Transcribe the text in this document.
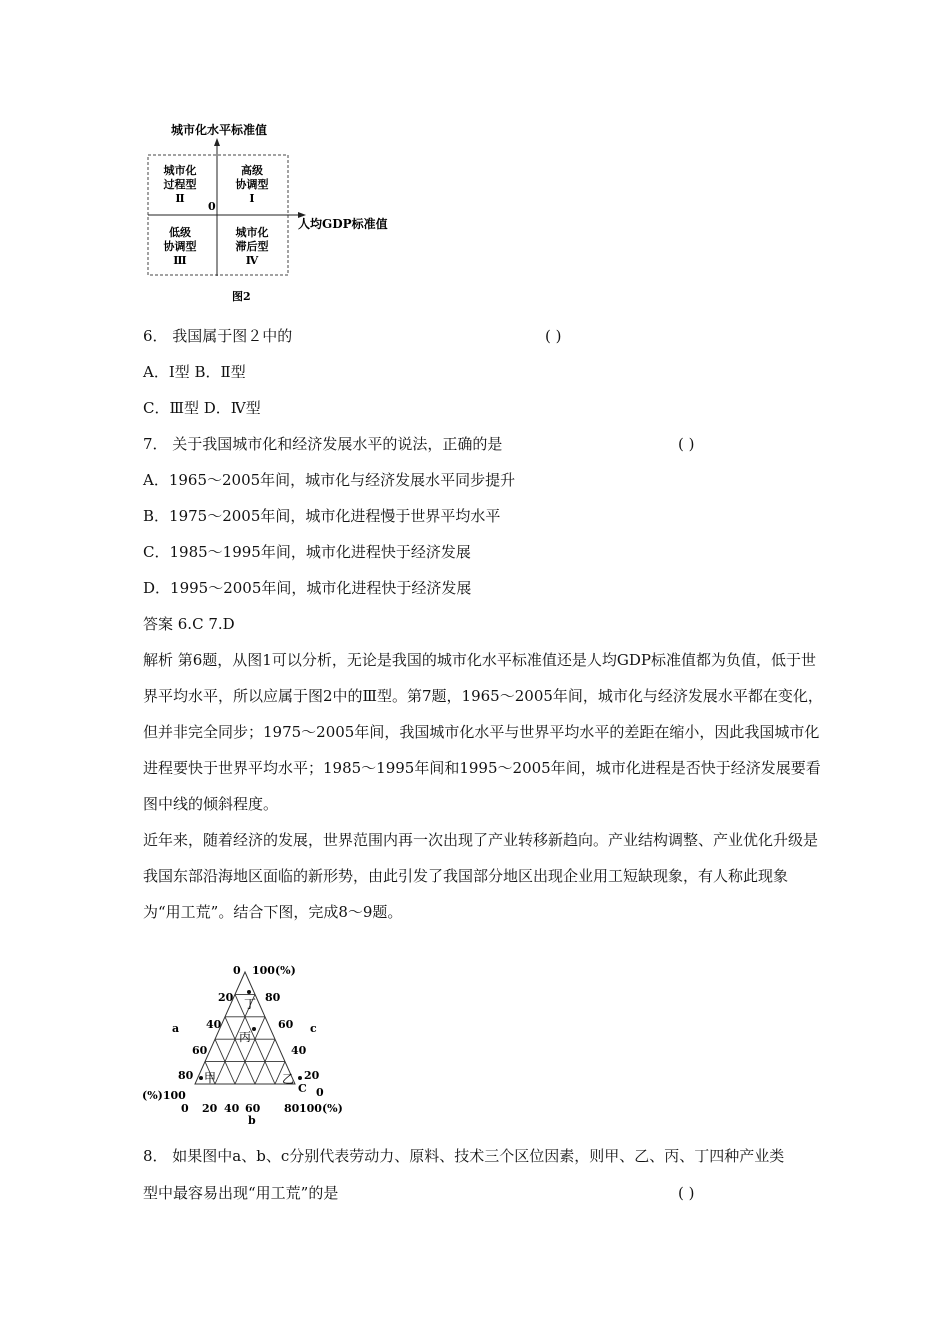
城市化水平标准值
人均GDP标准值
0
城市化
过程型
Ⅱ
高级
协调型
Ⅰ
低级
协调型
Ⅲ
城市化
滞后型
Ⅳ
图2
6． 我国属于图２中的	( )
A．Ⅰ型 B．Ⅱ型
C．Ⅲ型 D．Ⅳ型
7． 关于我国城市化和经济发展水平的说法，正确的是	( )
A．1965～2005年间，城市化与经济发展水平同步提升
B．1975～2005年间，城市化进程慢于世界平均水平
C．1985～1995年间，城市化进程快于经济发展
D．1995～2005年间，城市化进程快于经济发展
答案 6.C 7.D
解析 第6题，从图1可以分析，无论是我国的城市化水平标准值还是人均GDP标准值都为负值，低于世界平均水平，所以应属于图2中的Ⅲ型。第7题，1965～2005年间，城市化与经济发展水平都在变化，但并非完全同步；1975～2005年间，我国城市化水平与世界平均水平的差距在缩小，因此我国城市化进程要快于世界平均水平；1985～1995年间和1995～2005年间，城市化进程是否快于经济发展要看图中线的倾斜程度。
近年来，随着经济的发展，世界范围内再一次出现了产业转移新趋向。产业结构调整、产业优化升级是我国东部沿海地区面临的新形势，由此引发了我国部分地区出现企业用工短缺现象，有人称此现象为“用工荒”。结合下图，完成8～9题。
0 100(%)
a	c
20
40
60
80
(%)100
80
60
40
20
0
0 20 40 60 80 100(%)
b
丁
丙
甲	乙
C
8． 如果图中a、b、c分别代表劳动力、原料、技术三个区位因素，则甲、乙、丙、丁四种产业类
型中最容易出现“用工荒”的是	( )
